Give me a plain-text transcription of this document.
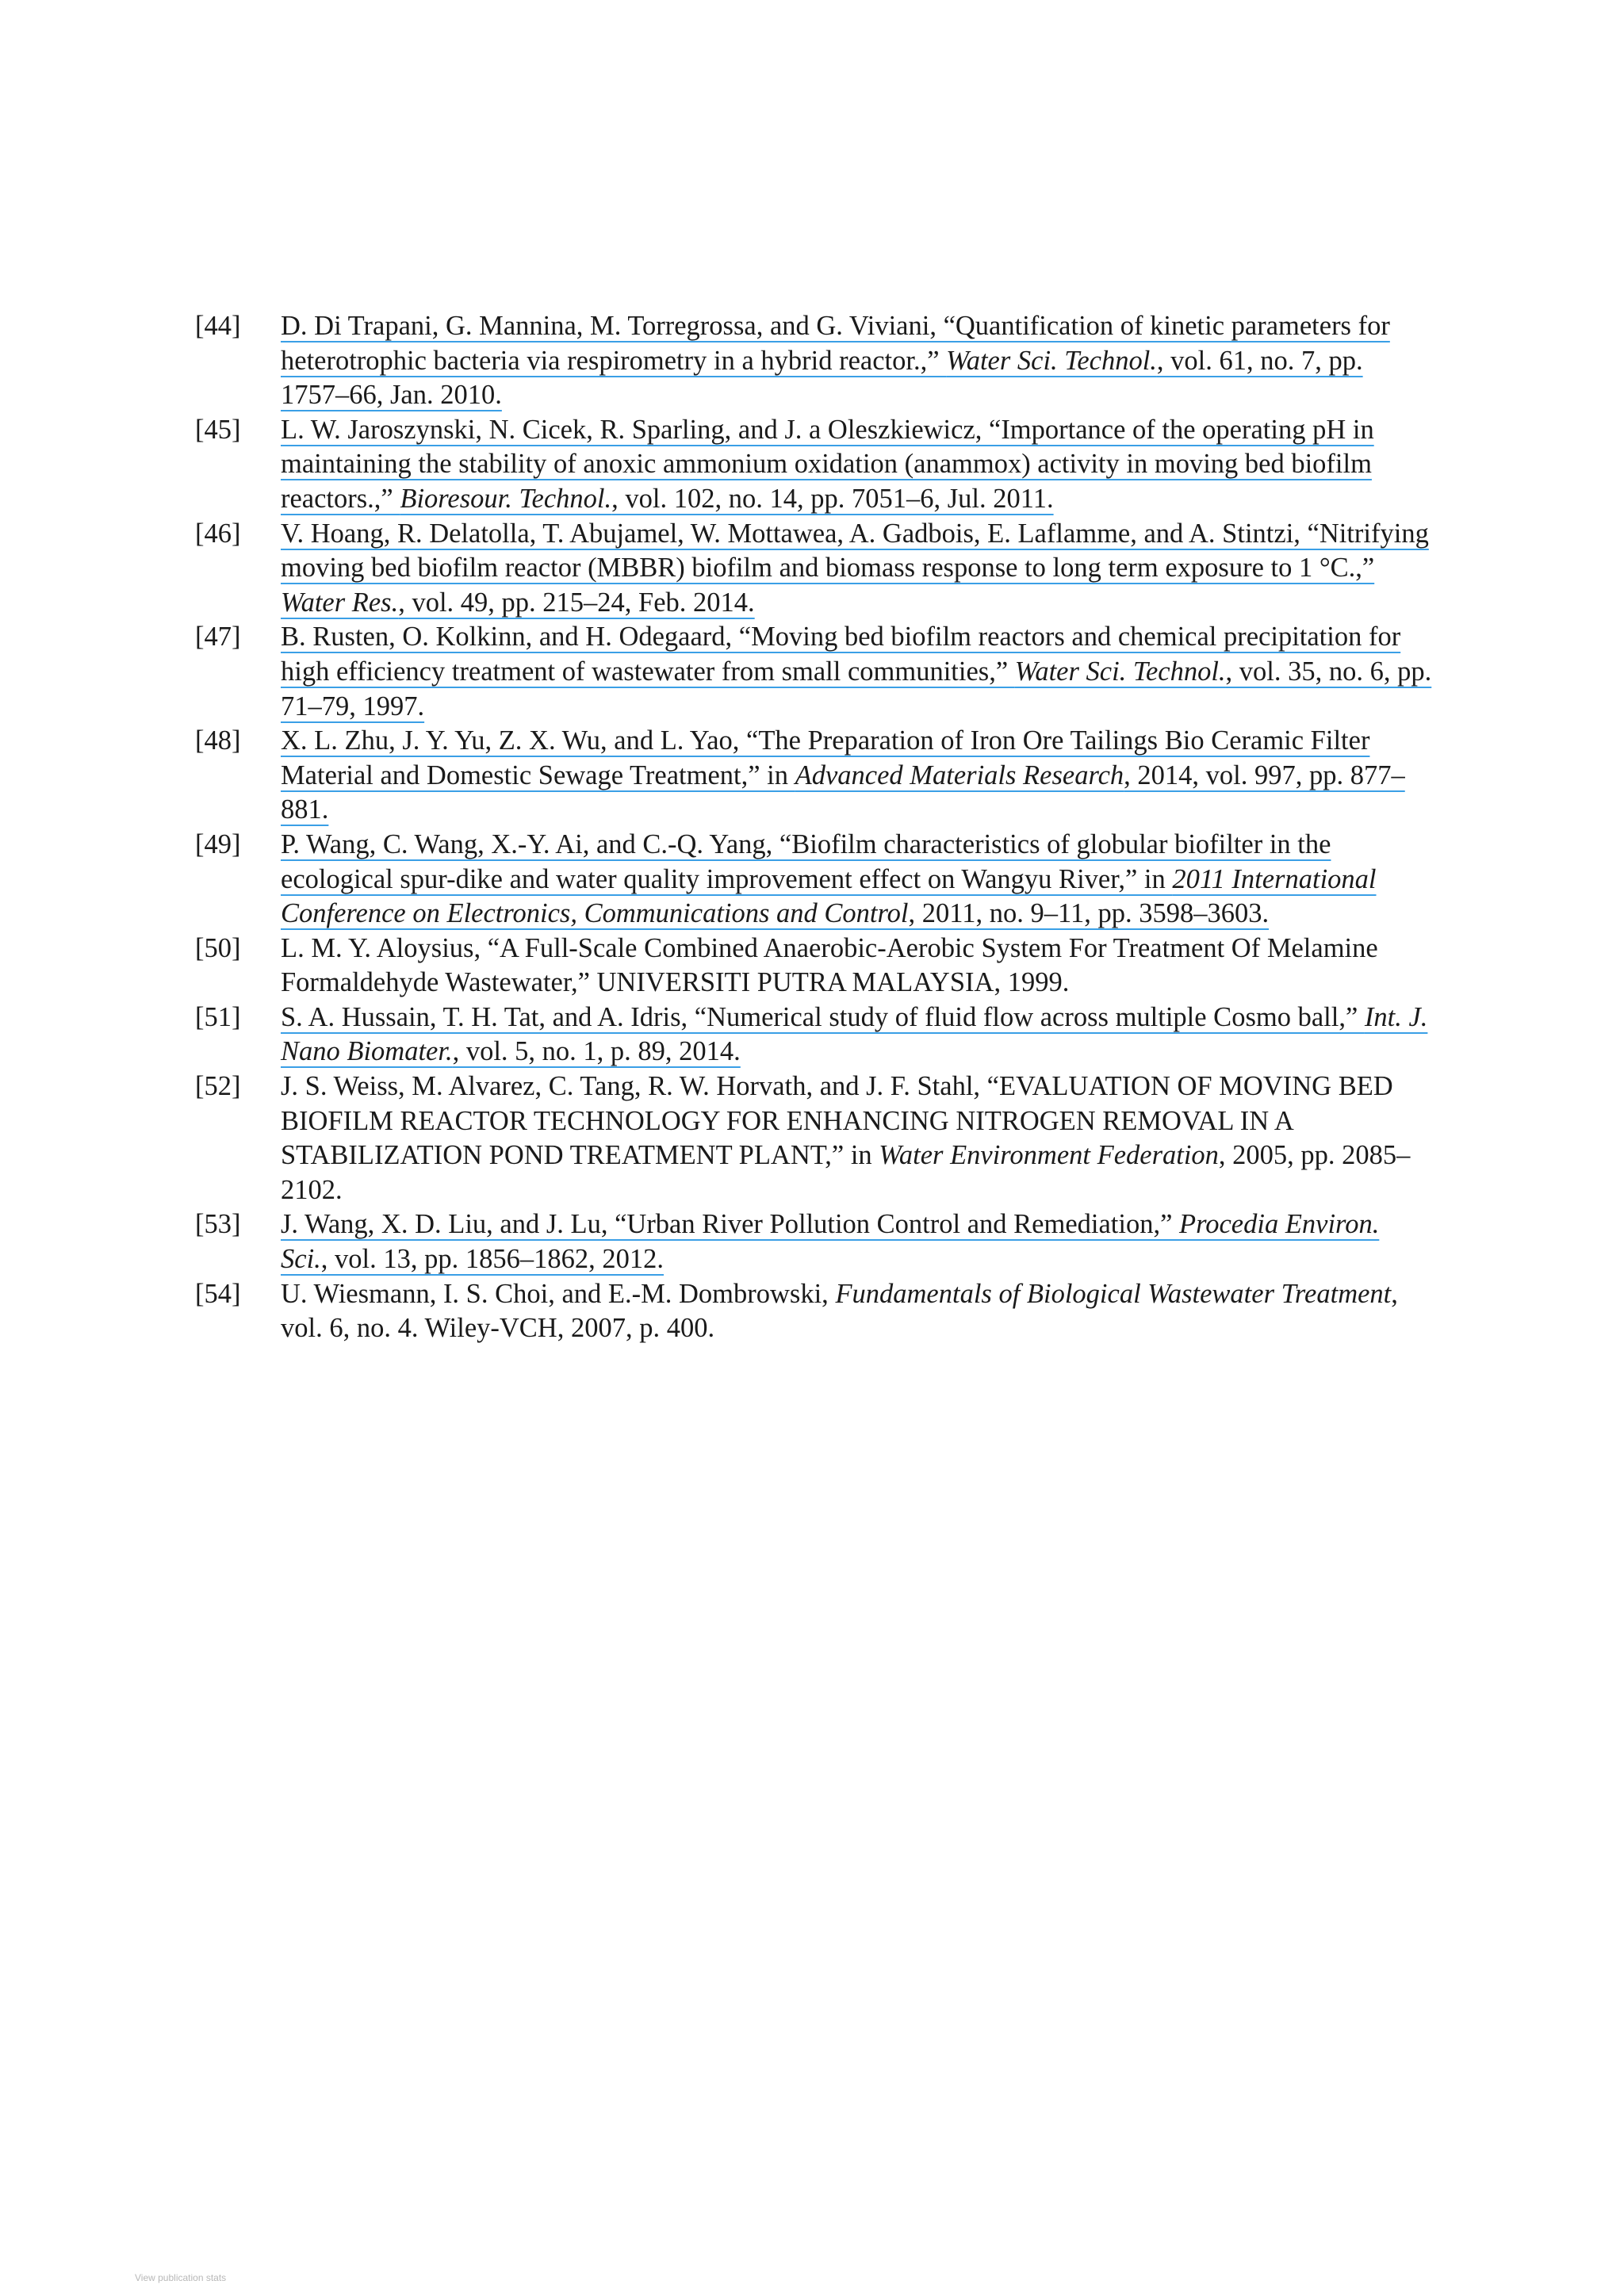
[44] D. Di Trapani, G. Mannina, M. Torregrossa, and G. Viviani, “Quantification of kinetic parameters for heterotrophic bacteria via respirometry in a hybrid reactor.,” Water Sci. Technol., vol. 61, no. 7, pp. 1757–66, Jan. 2010.
[45] L. W. Jaroszynski, N. Cicek, R. Sparling, and J. a Oleszkiewicz, “Importance of the operating pH in maintaining the stability of anoxic ammonium oxidation (anammox) activity in moving bed biofilm reactors.,” Bioresour. Technol., vol. 102, no. 14, pp. 7051–6, Jul. 2011.
[46] V. Hoang, R. Delatolla, T. Abujamel, W. Mottawea, A. Gadbois, E. Laflamme, and A. Stintzi, “Nitrifying moving bed biofilm reactor (MBBR) biofilm and biomass response to long term exposure to 1 °C.,” Water Res., vol. 49, pp. 215–24, Feb. 2014.
[47] B. Rusten, O. Kolkinn, and H. Odegaard, “Moving bed biofilm reactors and chemical precipitation for high efficiency treatment of wastewater from small communities,” Water Sci. Technol., vol. 35, no. 6, pp. 71–79, 1997.
[48] X. L. Zhu, J. Y. Yu, Z. X. Wu, and L. Yao, “The Preparation of Iron Ore Tailings Bio Ceramic Filter Material and Domestic Sewage Treatment,” in Advanced Materials Research, 2014, vol. 997, pp. 877–881.
[49] P. Wang, C. Wang, X.-Y. Ai, and C.-Q. Yang, “Biofilm characteristics of globular biofilter in the ecological spur-dike and water quality improvement effect on Wangyu River,” in 2011 International Conference on Electronics, Communications and Control, 2011, no. 9–11, pp. 3598–3603.
[50] L. M. Y. Aloysius, “A Full-Scale Combined Anaerobic-Aerobic System For Treatment Of Melamine Formaldehyde Wastewater,” UNIVERSITI PUTRA MALAYSIA, 1999.
[51] S. A. Hussain, T. H. Tat, and A. Idris, “Numerical study of fluid flow across multiple Cosmo ball,” Int. J. Nano Biomater., vol. 5, no. 1, p. 89, 2014.
[52] J. S. Weiss, M. Alvarez, C. Tang, R. W. Horvath, and J. F. Stahl, “EVALUATION OF MOVING BED BIOFILM REACTOR TECHNOLOGY FOR ENHANCING NITROGEN REMOVAL IN A STABILIZATION POND TREATMENT PLANT,” in Water Environment Federation, 2005, pp. 2085–2102.
[53] J. Wang, X. D. Liu, and J. Lu, “Urban River Pollution Control and Remediation,” Procedia Environ. Sci., vol. 13, pp. 1856–1862, 2012.
[54] U. Wiesmann, I. S. Choi, and E.-M. Dombrowski, Fundamentals of Biological Wastewater Treatment, vol. 6, no. 4. Wiley-VCH, 2007, p. 400.
View publication stats
